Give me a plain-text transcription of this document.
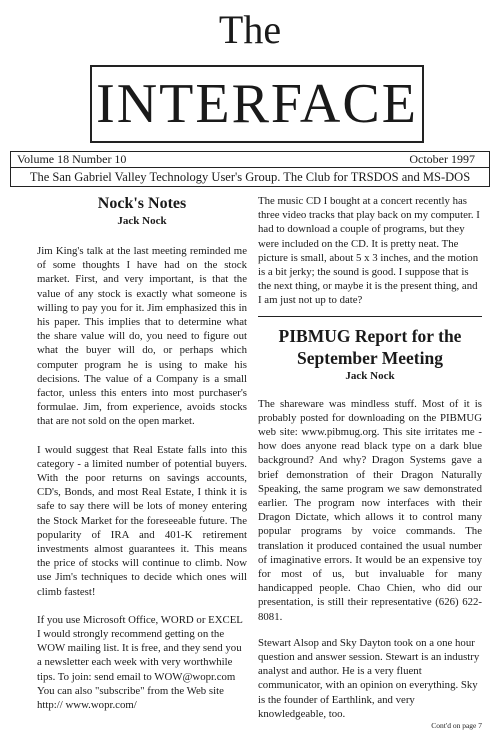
The
INTERFACE
Volume 18 Number 10	October 1997
The San Gabriel Valley Technology User's Group. The Club for TRSDOS and MS-DOS
Nock's Notes
Jack Nock

Jim King's talk at the last meeting reminded me of some thoughts I have had on the stock market. First, and very important, is that the value of any stock is exactly what someone is willing to pay you for it. Jim emphasized this in his paper. This implies that to determine what the share value will do, you need to figure out what the buyer will do, or perhaps which computer program he is using to make his decisions. The value of a Company is a small factor, unless this enters into most purchaser's formulae. Jim, from experience, avoids stocks that are not sold on the open market.

I would suggest that Real Estate falls into this category - a limited number of potential buyers. With the poor returns on savings accounts, CD's, Bonds, and most Real Estate, I think it is safe to say there will be lots of money entering the Stock Market for the foreseeable future. The popularity of IRA and 401-K retirement investments almost guarantees it. This means the price of stocks will continue to climb. Now use Jim's techniques to decide which ones will climb fastest!

If you use Microsoft Office, WORD or EXCEL I would strongly recommend getting on the WOW mailing list. It is free, and they send you a newsletter each week with very worthwhile tips. To join: send email to WOW@wopr.com You can also "subscribe" from the Web site http:// www.wopr.com/

The music CD I bought at a concert recently has three video tracks that play back on my computer. I had to download a couple of programs, but they were included on the CD. It is pretty neat. The picture is small, about 5 x 3 inches, and the motion is a bit jerky; the sound is good. I suppose that is the next thing, or maybe it is the present thing, and I am just not up to date?

PIBMUG Report for the
September Meeting
Jack Nock

The shareware was mindless stuff. Most of it is probably posted for downloading on the PIBMUG web site: www.pibmug.org. This site irritates me - how does anyone read black type on a dark blue background? And why? Dragon Systems gave a brief demonstration of their Dragon Naturally Speaking, the same program we saw demonstrated earlier. The program now interfaces with their Dragon Dictate, which allows it to control many popular programs by voice commands. The translation it produced contained the usual number of imaginative errors. It would be an expensive toy for most of us, but invaluable for many handicapped people. Chao Chien, who did our presentation, is still their representative (626) 622-8081.

Stewart Alsop and Sky Dayton took on a one hour question and answer session. Stewart is an industry analyst and author. He is a very fluent communicator, with an opinion on everything. Sky is the founder of Earthlink, and very knowledgeable, too.

Cont'd on page 7
